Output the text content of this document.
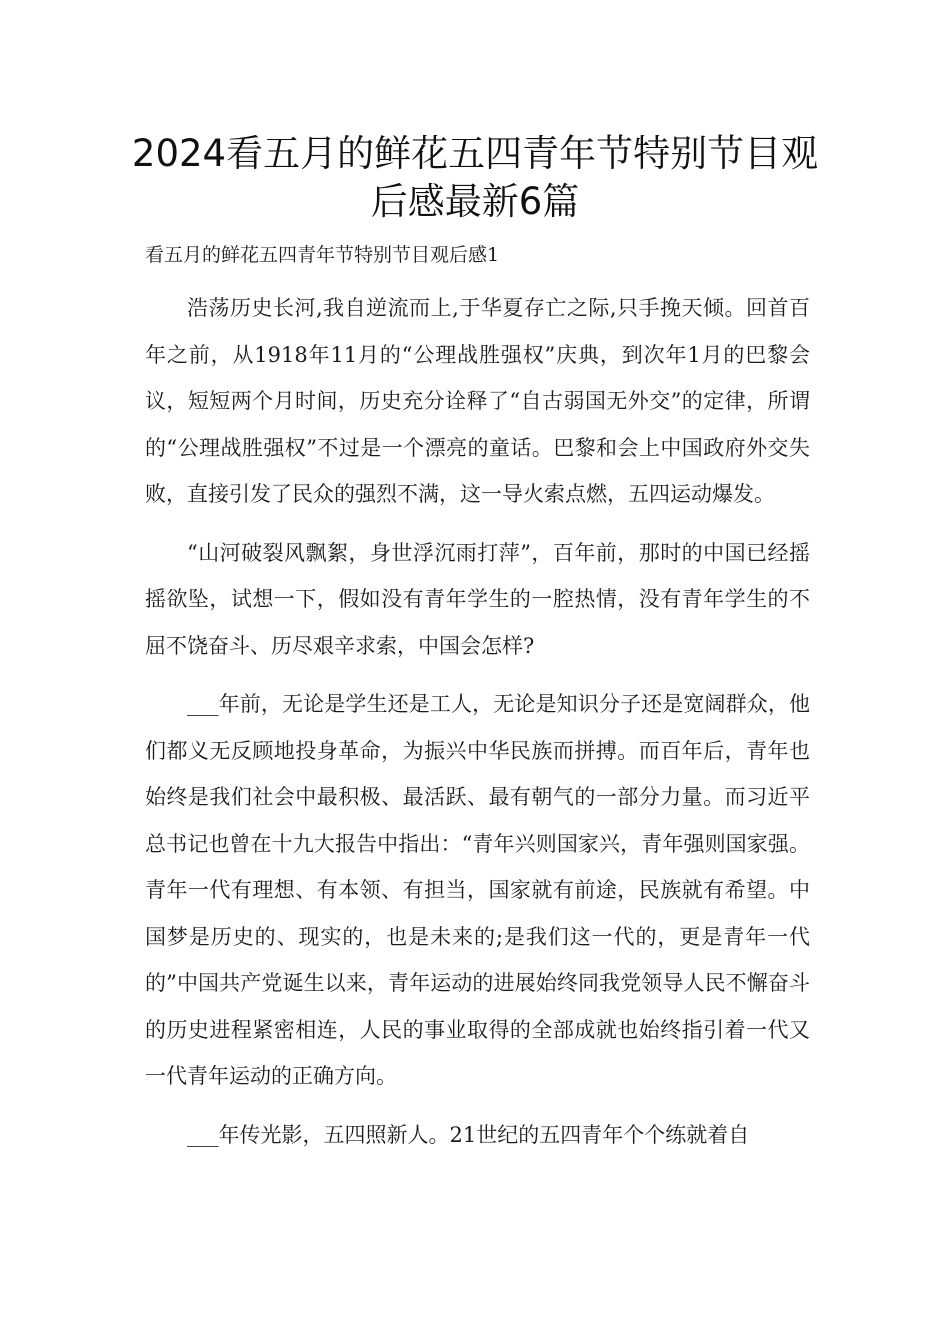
2024看五月的鲜花五四青年节特别节目观后感最新6篇
看五月的鲜花五四青年节特别节目观后感1

浩荡历史长河,我自逆流而上,于华夏存亡之际,只手挽天倾。回首百年之前，从1918年11月的“公理战胜强权”庆典，到次年1月的巴黎会议，短短两个月时间，历史充分诠释了“自古弱国无外交”的定律，所谓的“公理战胜强权”不过是一个漂亮的童话。巴黎和会上中国政府外交失败，直接引发了民众的强烈不满，这一导火索点燃，五四运动爆发。

“山河破裂风飘絮，身世浮沉雨打萍”，百年前，那时的中国已经摇摇欲坠，试想一下，假如没有青年学生的一腔热情，没有青年学生的不屈不饶奋斗、历尽艰辛求索，中国会怎样?

___年前，无论是学生还是工人，无论是知识分子还是宽阔群众，他们都义无反顾地投身革命，为振兴中华民族而拼搏。而百年后，青年也始终是我们社会中最积极、最活跃、最有朝气的一部分力量。而习近平总书记也曾在十九大报告中指出：“青年兴则国家兴，青年强则国家强。青年一代有理想、有本领、有担当，国家就有前途，民族就有希望。中国梦是历史的、现实的，也是未来的;是我们这一代的，更是青年一代的”中国共产党诞生以来，青年运动的进展始终同我党领导人民不懈奋斗的历史进程紧密相连，人民的事业取得的全部成就也始终指引着一代又一代青年运动的正确方向。

___年传光影，五四照新人。21世纪的五四青年个个练就着自
